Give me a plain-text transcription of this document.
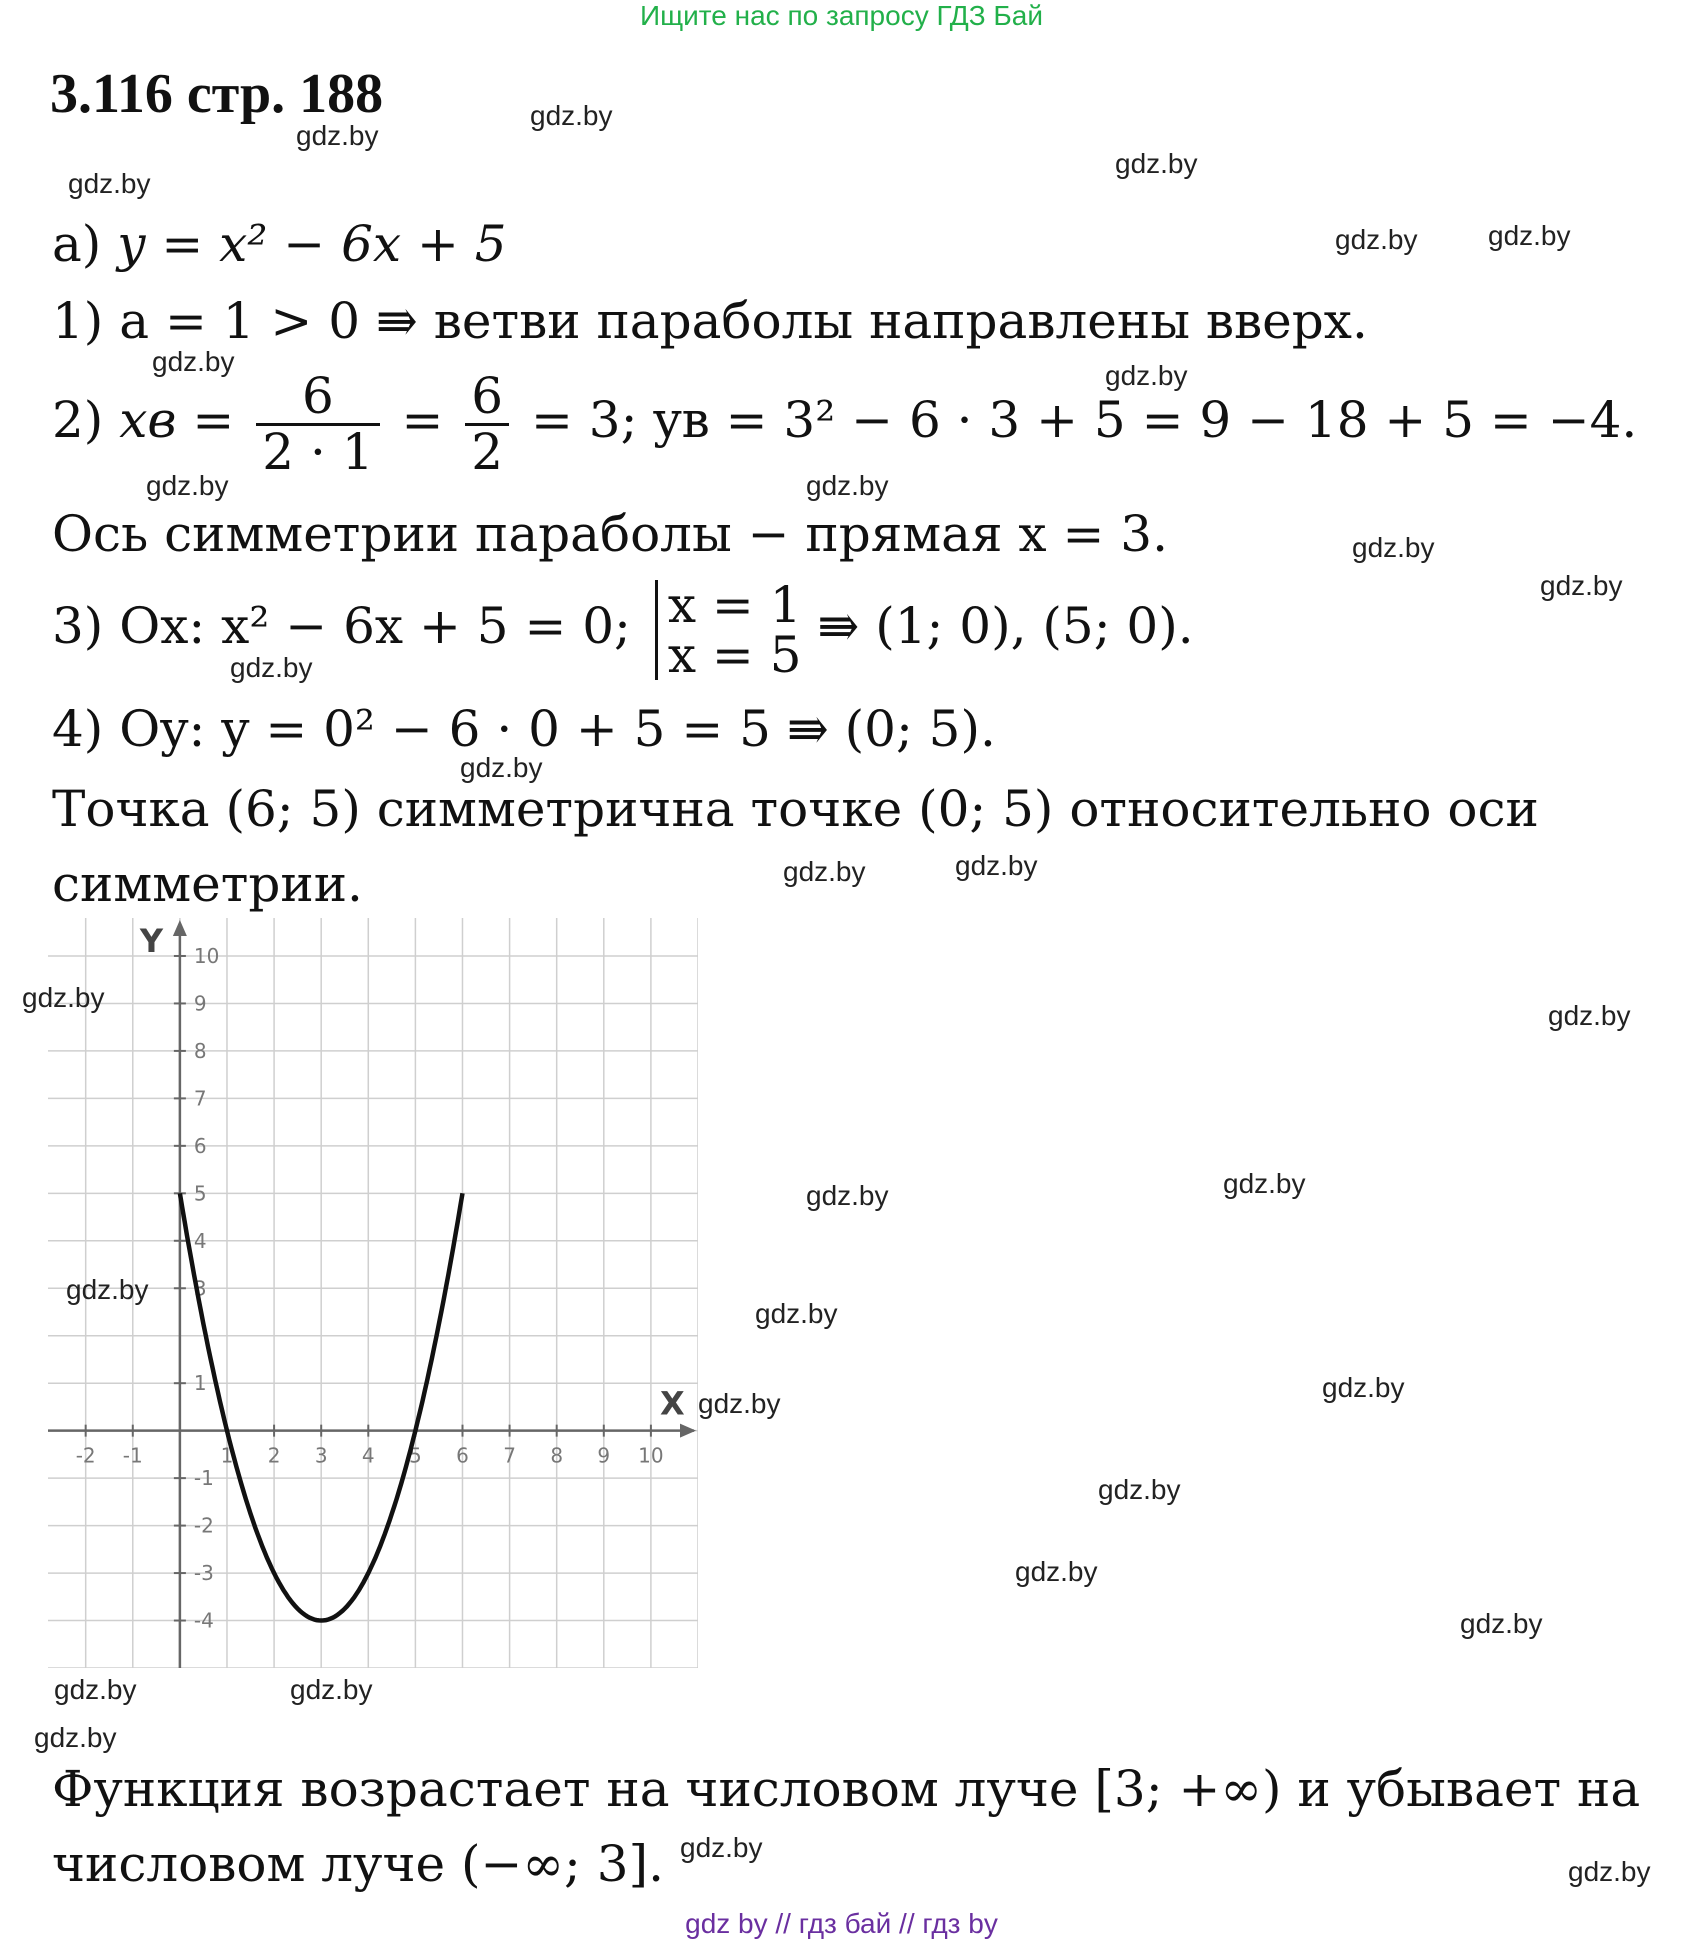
Ищите нас по запросу ГДЗ Бай
3.116 стр. 188
а) y = x² − 6x + 5
1) a = 1 > 0 ⇛ ветви параболы направлены вверх.
2) xв = $\frac{6}{2 \cdot 1} = \frac{6}{2} = 3$; yв = 3² − 6 · 3 + 5 = 9 − 18 + 5 = −4.
Ось симметрии параболы − прямая x = 3.
3) Ox: x² − 6x + 5 = 0; x = 1
x = 5 ⇛ (1; 0), (5; 0).
4) Oy: y = 0² − 6 · 0 + 5 = 5 ⇛ (0; 5).
Точка (6; 5) симметрична точке (0; 5) относительно оси
симметрии.
-2 -1	1 2 3 4 5 6 7 8 9 10
-4
-3
-2
-1
1
3
4
5
6
7
8
9
10
X
Y
Функция возрастает на числовом луче [3; +∞) и убывает на
числовом луче (−∞; 3].
gdz.by
gdz.by
gdz.by
gdz.by
gdz.by	gdz.by
gdz.by	gdz.by
gdz.by	gdz.by
gdz.by
gdz.by
gdz.by
gdz.by
gdz.by	gdz.by
gdz.by
gdz.by
gdz.by	gdz.by
gdz.by
gdz.by
gdz.by
gdz.by
gdz.by
gdz.by
gdz.by
gdz.by	gdz.by
gdz.by
gdz.by
gdz.by
gdz by // гдз бай // гдз by
